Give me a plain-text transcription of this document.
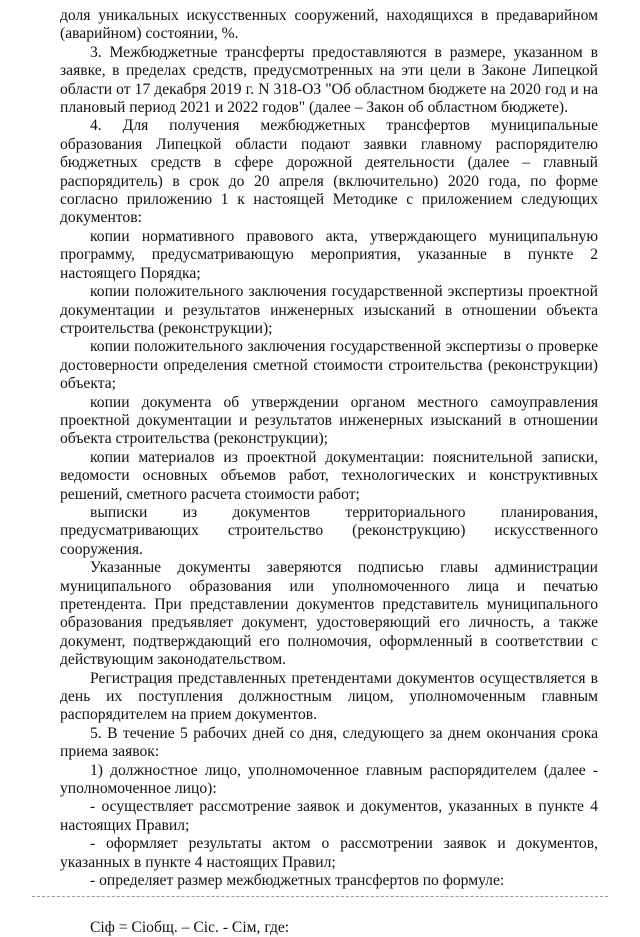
доля уникальных искусственных сооружений, находящихся в предаварийном (аварийном) состоянии, %.

3. Межбюджетные трансферты предоставляются в размере, указанном в заявке, в пределах средств, предусмотренных на эти цели в Законе Липецкой области от 17 декабря 2019 г. N 318-ОЗ "Об областном бюджете на 2020 год и на плановый период 2021 и 2022 годов" (далее – Закон об областном бюджете).

4. Для получения межбюджетных трансфертов муниципальные образования Липецкой области подают заявки главному распорядителю бюджетных средств в сфере дорожной деятельности (далее – главный распорядитель) в срок до 20 апреля (включительно) 2020 года, по форме согласно приложению 1 к настоящей Методике с приложением следующих документов:

копии нормативного правового акта, утверждающего муниципальную программу, предусматривающую мероприятия, указанные в пункте 2 настоящего Порядка;

копии положительного заключения государственной экспертизы проектной документации и результатов инженерных изысканий в отношении объекта строительства (реконструкции);

копии положительного заключения государственной экспертизы о проверке достоверности определения сметной стоимости строительства (реконструкции) объекта;

копии документа об утверждении органом местного самоуправления проектной документации и результатов инженерных изысканий в отношении объекта строительства (реконструкции);

копии материалов из проектной документации: пояснительной записки, ведомости основных объемов работ, технологических и конструктивных решений, сметного расчета стоимости работ;

выписки из документов территориального планирования, предусматривающих строительство (реконструкцию) искусственного сооружения.

Указанные документы заверяются подписью главы администрации муниципального образования или уполномоченного лица и печатью претендента. При представлении документов представитель муниципального образования предъявляет документ, удостоверяющий его личность, а также документ, подтверждающий его полномочия, оформленный в соответствии с действующим законодательством.

Регистрация представленных претендентами документов осуществляется в день их поступления должностным лицом, уполномоченным главным распорядителем на прием документов.

5. В течение 5 рабочих дней со дня, следующего за днем окончания срока приема заявок:

1) должностное лицо, уполномоченное главным распорядителем (далее - уполномоченное лицо):

- осуществляет рассмотрение заявок и документов, указанных в пункте 4 настоящих Правил;

- оформляет результаты актом о рассмотрении заявок и документов, указанных в пункте 4 настоящих Правил;

- определяет размер межбюджетных трансфертов по формуле:

Сiф = Сiобщ. – Сiс. - Сiм, где:
